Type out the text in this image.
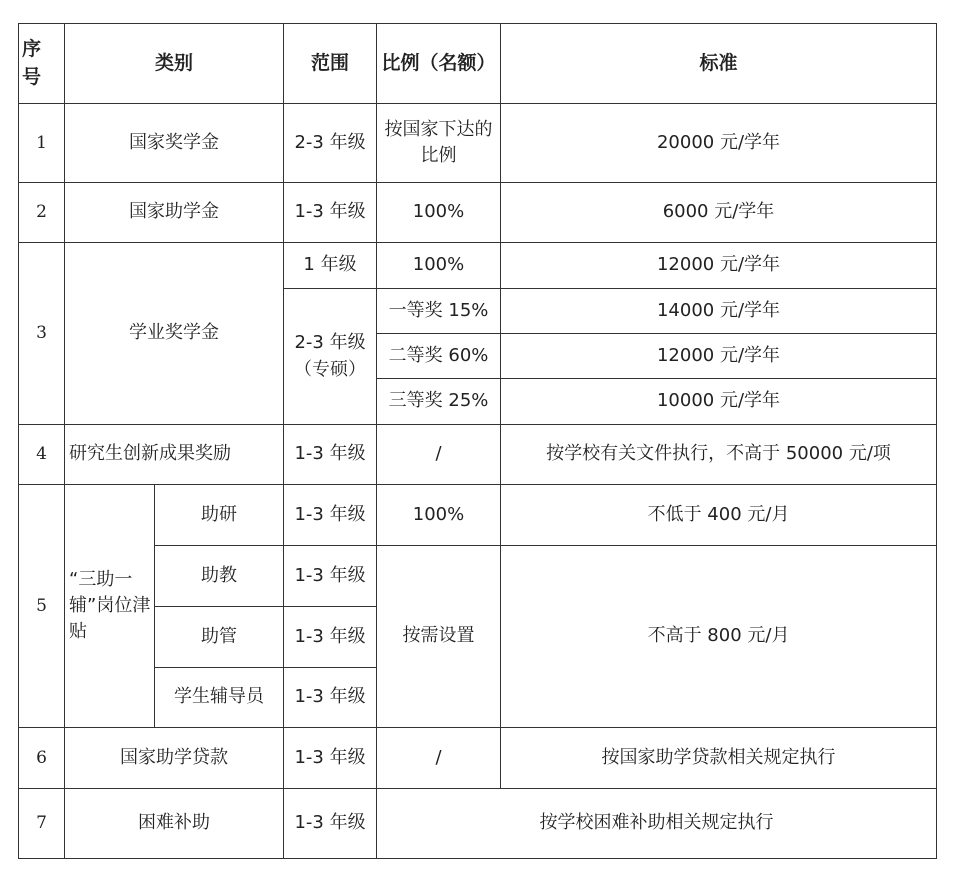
序
号	类别		范围	比例（名额）	标准
1	国家奖学金		2-3 年级	按国家下达的比例	20000 元/学年
2	国家助学金		1-3 年级	100%	6000 元/学年
3	学业奖学金		1 年级	100%	12000 元/学年
			2-3 年级（专硕）	一等奖 15%	14000 元/学年
				二等奖 60%	12000 元/学年
				三等奖 25%	10000 元/学年
4	研究生创新成果奖励		1-3 年级	/	按学校有关文件执行，不高于 50000 元/项
5	“三助一辅”岗位津贴	助研	1-3 年级	100%	不低于 400 元/月
		助教	1-3 年级	按需设置	不高于 800 元/月
		助管	1-3 年级		
		学生辅导员	1-3 年级		
6	国家助学贷款		1-3 年级	/	按国家助学贷款相关规定执行
7	困难补助		1-3 年级	按学校困难补助相关规定执行	
